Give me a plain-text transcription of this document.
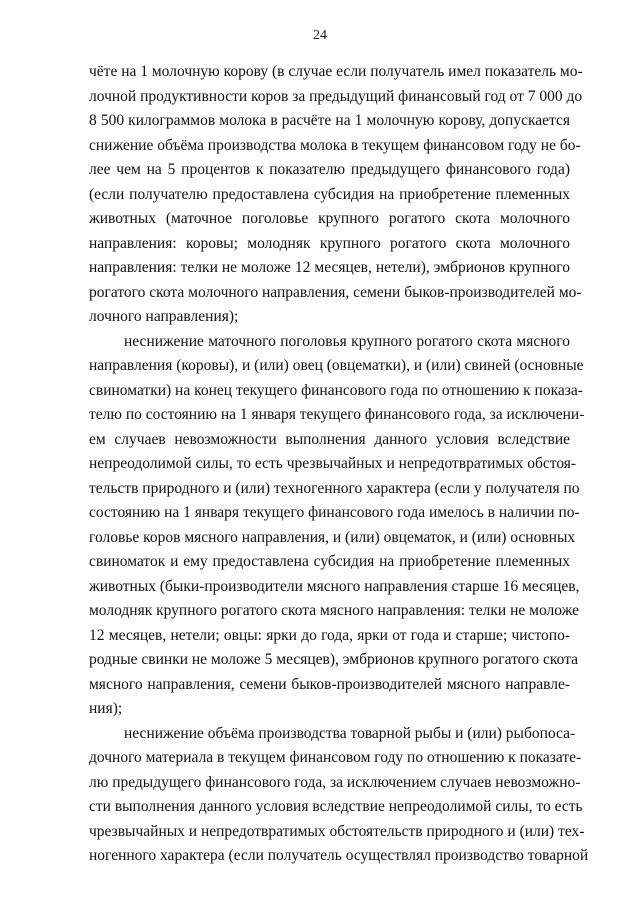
24
чёте на 1 молочную корову (в случае если получатель имел показатель мо-
лочной продуктивности коров за предыдущий финансовый год от 7 000 до
8 500 килограммов молока в расчёте на 1 молочную корову, допускается
снижение объёма производства молока в текущем финансовом году не бо-
лее чем на 5 процентов к показателю предыдущего финансового года)
(если получателю предоставлена субсидия на приобретение племенных
животных (маточное поголовье крупного рогатого скота молочного
направления: коровы; молодняк крупного рогатого скота молочного
направления: телки не моложе 12 месяцев, нетели), эмбрионов крупного
рогатого скота молочного направления, семени быков-производителей мо-
лочного направления);
неснижение маточного поголовья крупного рогатого скота мясного
направления (коровы), и (или) овец (овцематки), и (или) свиней (основные
свиноматки) на конец текущего финансового года по отношению к показа-
телю по состоянию на 1 января текущего финансового года, за исключени-
ем случаев невозможности выполнения данного условия вследствие
непреодолимой силы, то есть чрезвычайных и непредотвратимых обстоя-
тельств природного и (или) техногенного характера (если у получателя по
состоянию на 1 января текущего финансового года имелось в наличии по-
головье коров мясного направления, и (или) овцематок, и (или) основных
свиноматок и ему предоставлена субсидия на приобретение племенных
животных (быки-производители мясного направления старше 16 месяцев,
молодняк крупного рогатого скота мясного направления: телки не моложе
12 месяцев, нетели; овцы: ярки до года, ярки от года и старше; чистопо-
родные свинки не моложе 5 месяцев), эмбрионов крупного рогатого скота
мясного направления, семени быков-производителей мясного направле-
ния);
неснижение объёма производства товарной рыбы и (или) рыбопоса-
дочного материала в текущем финансовом году по отношению к показате-
лю предыдущего финансового года, за исключением случаев невозможно-
сти выполнения данного условия вследствие непреодолимой силы, то есть
чрезвычайных и непредотвратимых обстоятельств природного и (или) тех-
ногенного характера (если получатель осуществлял производство товарной
